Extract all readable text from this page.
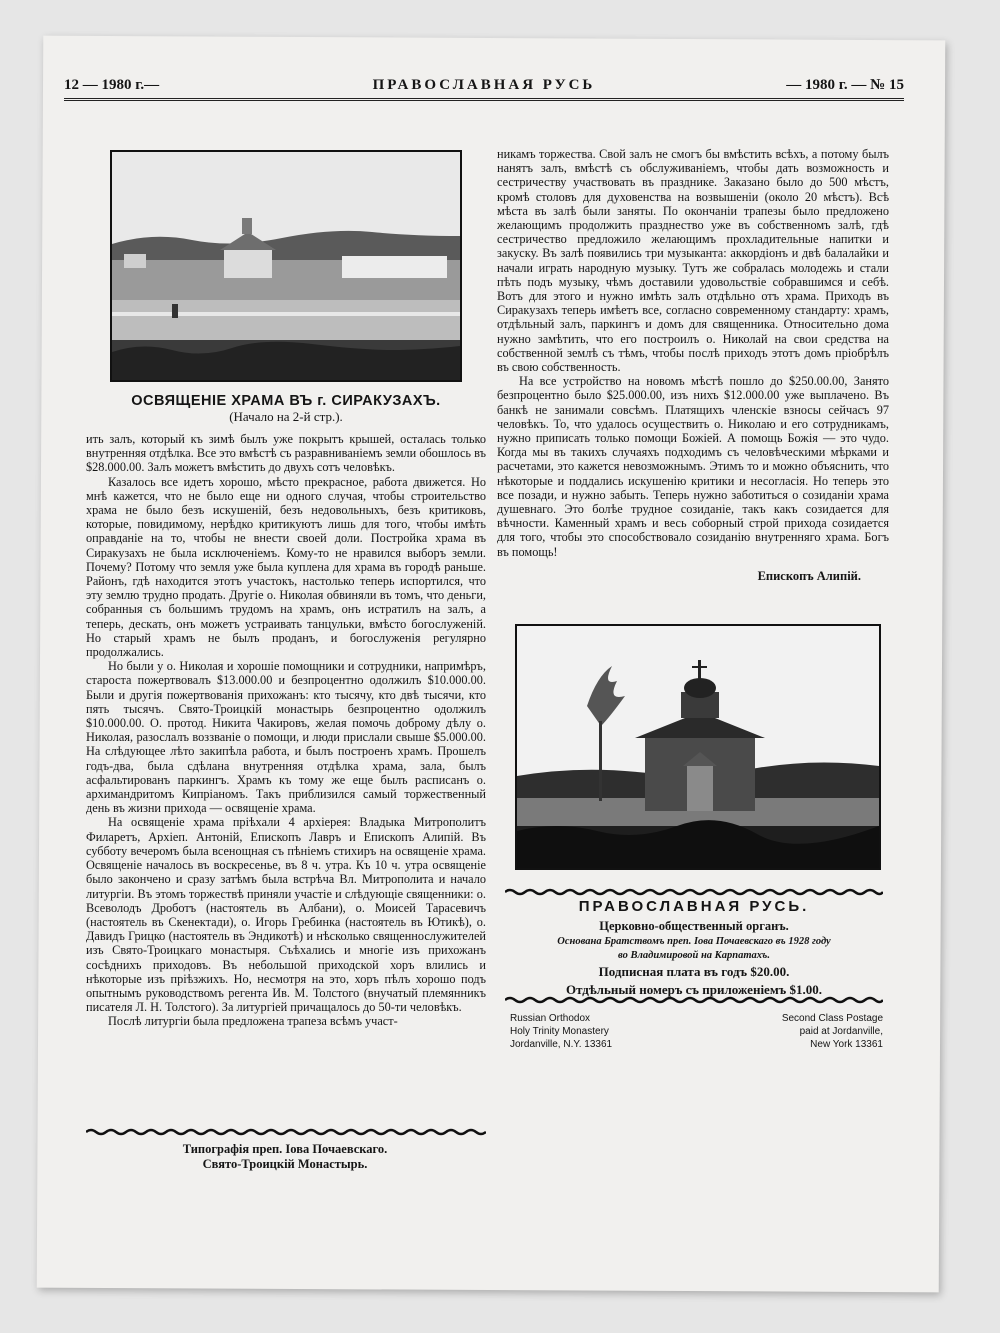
12 — 1980 г.—	ПРАВОСЛАВНАЯ РУСЬ	— 1980 г. — № 15
ОСВЯЩЕНIЕ ХРАМА ВЪ г. СИРАКУЗАХЪ.
(Начало на 2-й стр.).

ить залъ, который къ зимѣ былъ уже покрытъ крышей, осталась только внутренняя отдѣлка. Все это вмѣстѣ съ разравниваніемъ земли обошлось въ $28.000.00. Залъ можетъ вмѣстить до двухъ сотъ человѣкъ.

Казалось все идетъ хорошо, мѣсто прекрасное, работа движется. Но мнѣ кажется, что не было еще ни одного случая, чтобы строительство храма не было безъ искушеній, безъ недовольныхъ, безъ критиковъ, которые, повидимому, нерѣдко критикуютъ лишь для того, чтобы имѣть оправданіе на то, чтобы не внести своей доли. Постройка храма въ Сиракузахъ не была исключеніемъ. Кому-то не нравился выборъ земли. Почему? Потому что земля уже была куплена для храма въ городѣ раньше. Районъ, гдѣ находится этотъ участокъ, настолько теперь испортился, что эту землю трудно продать. Другіе о. Николая обвиняли въ томъ, что деньги, собранныя съ большимъ трудомъ на храмъ, онъ истратилъ на залъ, а теперь, дескать, онъ можетъ устраивать танцульки, вмѣсто богослуженій. Но старый храмъ не былъ проданъ, и богослуженія регулярно продолжались.

Но были у о. Николая и хорошіе помощники и сотрудники, напримѣръ, староста пожертвовалъ $13.000.00 и безпроцентно одолжилъ $10.000.00. Были и другія пожертвованія прихожанъ: кто тысячу, кто двѣ тысячи, кто пять тысячъ. Свято-Троицкій монастырь безпроцентно одолжилъ $10.000.00. О. протод. Никита Чакировъ, желая помочь доброму дѣлу о. Николая, разослалъ воззваніе о помощи, и люди прислали свыше $5.000.00. На слѣдующее лѣто закипѣла работа, и былъ построенъ храмъ. Прошелъ годъ-два, была сдѣлана внутренняя отдѣлка храма, зала, былъ асфальтированъ паркингъ. Храмъ къ тому же еще былъ расписанъ о. архимандритомъ Кипріаномъ. Такъ приблизился самый торжественный день въ жизни прихода — освященіе храма.

На освященіе храма пріѣхали 4 архіерея: Владыка Митрополитъ Филаретъ, Архіеп. Антоній, Епископъ Лавръ и Епископъ Алипій. Въ субботу вечеромъ была всенощная съ пѣніемъ стихиръ на освященіе храма. Освященіе началось въ воскресенье, въ 8 ч. утра. Къ 10 ч. утра освященіе было закончено и сразу затѣмъ была встрѣча Вл. Митрополита и начало литургіи. Въ этомъ торжествѣ приняли участіе и слѣдующіе священники: о. Всеволодъ Дроботъ (настоятель въ Албани), о. Моисей Тарасевичъ (настоятель въ Скенектади), о. Игорь Гребинка (настоятель въ Ютикѣ), о. Давидъ Грицко (настоятель въ Эндикотѣ) и нѣсколько священнослужителей изъ Свято-Троицкаго монастыря. Съѣхались и многіе изъ прихожанъ сосѣднихъ приходовъ. Въ небольшой приходской хоръ влились и нѣкоторые изъ пріѣзжихъ. Но, несмотря на это, хоръ пѣлъ хорошо подъ опытнымъ руководствомъ регента Ив. М. Толстого (внучатый племянникъ писателя Л. Н. Толстого). За литургіей причащалось до 50-ти человѣкъ.

Послѣ литургіи была предложена трапеза всѣмъ участ-

Типографія преп. Іова Почаевскаго.
Свято-Троицкій Монастырь.

никамъ торжества. Свой залъ не смогъ бы вмѣстить всѣхъ, а потому былъ нанятъ залъ, вмѣстѣ съ обслуживаніемъ, чтобы дать возможность и сестричеству участвовать въ празднике. Заказано было до 500 мѣстъ, кромѣ столовъ для духовенства на возвышеніи (около 20 мѣстъ). Всѣ мѣста въ залѣ были заняты. По окончаніи трапезы было предложено желающимъ продолжить празднество уже въ собственномъ залѣ, гдѣ сестричество предложило желающимъ прохладительные напитки и закуску. Въ залѣ появились три музыканта: аккордіонъ и двѣ балалайки и начали играть народную музыку. Тутъ же собралась молодежь и стали пѣть подъ музыку, чѣмъ доставили удовольствіе собравшимся и себѣ. Вотъ для этого и нужно имѣть залъ отдѣльно отъ храма. Приходъ въ Сиракузахъ теперь имѣетъ все, согласно современному стандарту: храмъ, отдѣльный залъ, паркингъ и домъ для священника. Относительно дома нужно замѣтить, что его построилъ о. Николай на свои средства на собственной землѣ съ тѣмъ, чтобы послѣ приходъ этотъ домъ пріобрѣлъ въ свою собственность.

На все устройство на новомъ мѣстѣ пошло до $250.00.00, Занято безпроцентно было $25.000.00, изъ нихъ $12.000.00 уже выплачено. Въ банкѣ не занимали совсѣмъ. Платящихъ членскіе взносы сейчасъ 97 человѣкъ. То, что удалось осуществить о. Николаю и его сотрудникамъ, нужно приписать только помощи Божіей. А помощь Божія — это чудо. Когда мы въ такихъ случаяхъ подходимъ съ человѣческими мѣрками и расчетами, это кажется невозможнымъ. Этимъ то и можно объяснить, что нѣкоторые и поддались искушенію критики и несогласія. Но теперь это все позади, и нужно забыть. Теперь нужно заботиться о созиданіи храма душевнаго. Это болѣе трудное созиданіе, такъ какъ созидается для вѣчности. Каменный храмъ и весь соборный строй прихода созидается для того, чтобы это способствовало созиданію внутренняго храма. Богъ въ помощь!

Епископъ Алипій.
ПРАВОСЛАВНАЯ РУСЬ.
Церковно-общественный органъ.
Основана Братствомъ преп. Іова Почаевскаго въ 1928 году
во Владимировой на Карпатахъ.
Подписная плата въ годъ $20.00.
Отдѣльный номеръ съ приложеніемъ $1.00.
Russian Orthodox
Holy Trinity Monastery
Jordanville, N.Y. 13361
Second Class Postage
paid at Jordanville,
New York 13361
